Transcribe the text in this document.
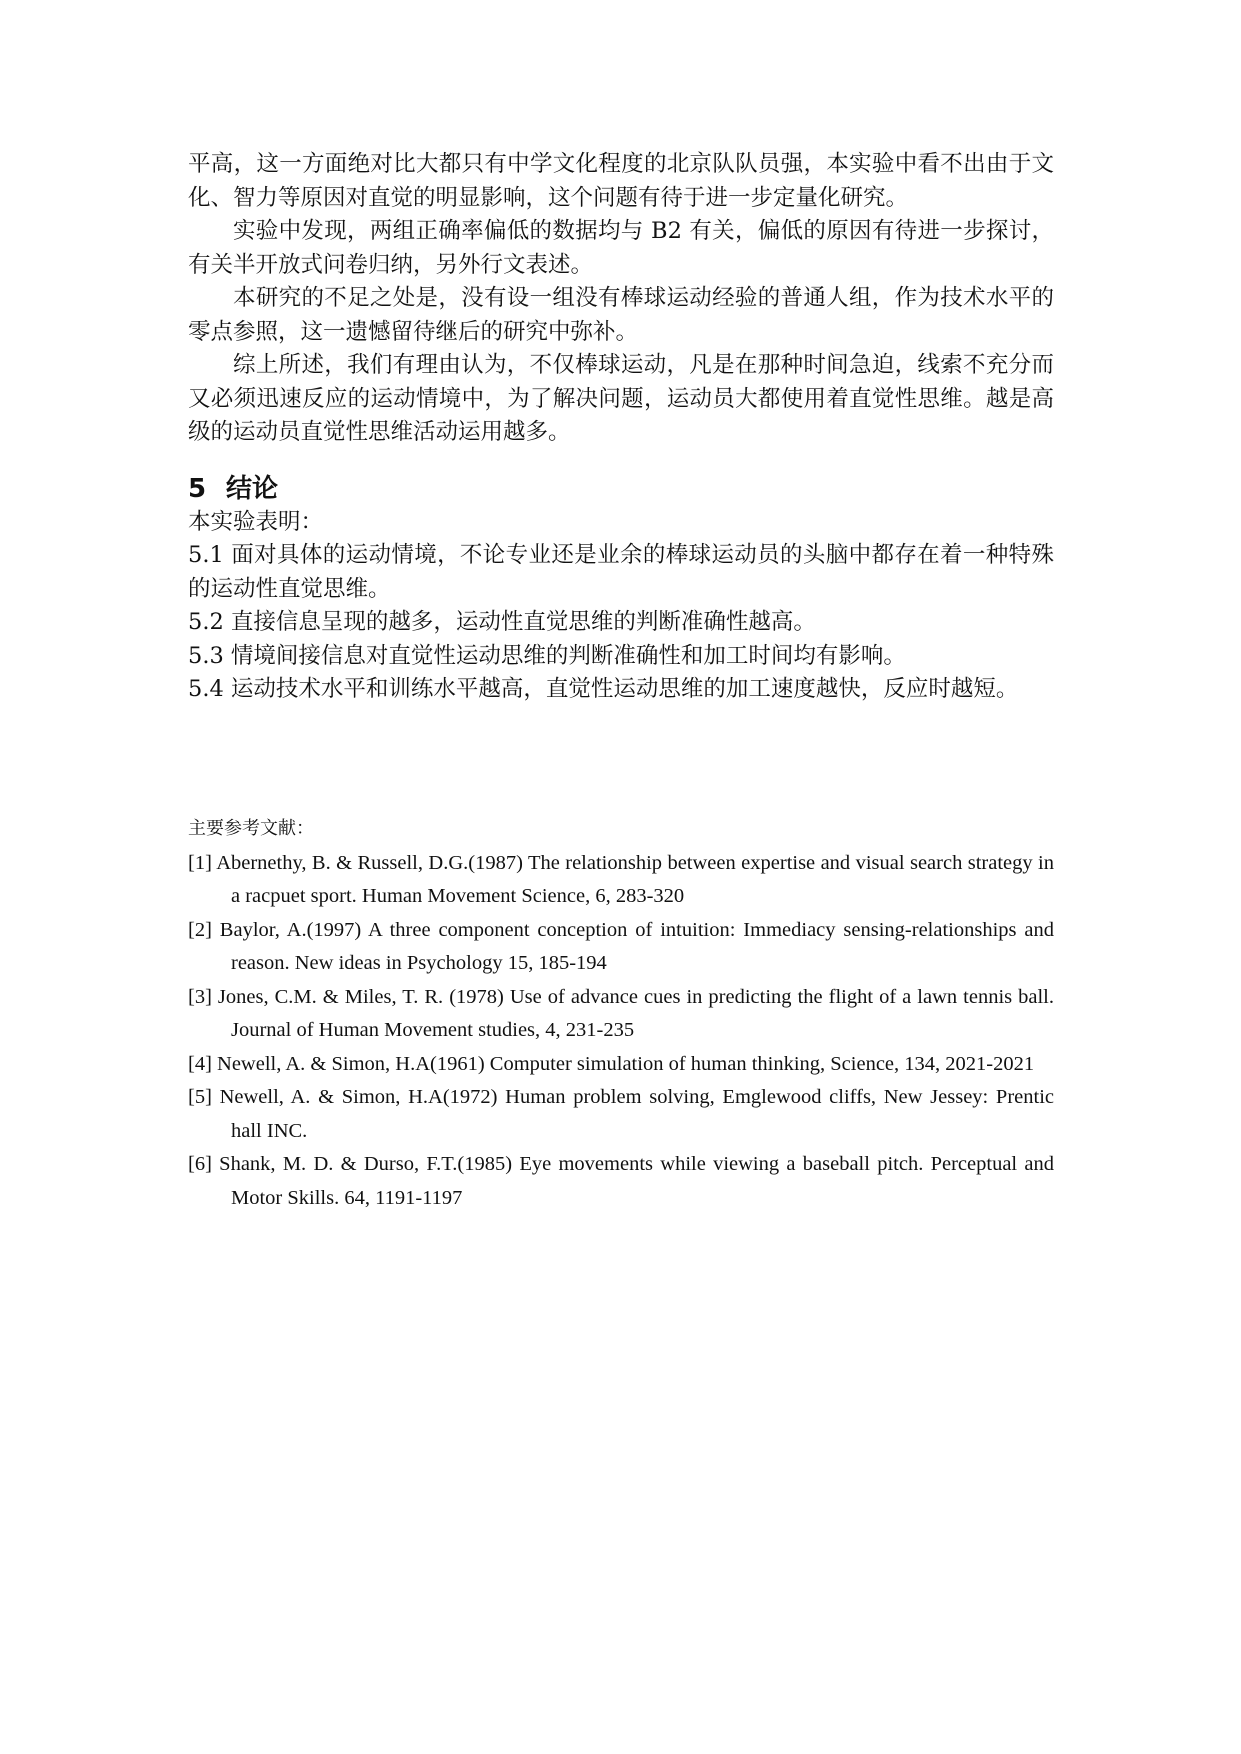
平高，这一方面绝对比大都只有中学文化程度的北京队队员强，本实验中看不出由于文化、智力等原因对直觉的明显影响，这个问题有待于进一步定量化研究。

实验中发现，两组正确率偏低的数据均与 B2 有关，偏低的原因有待进一步探讨，有关半开放式问卷归纳，另外行文表述。

本研究的不足之处是，没有设一组没有棒球运动经验的普通人组，作为技术水平的零点参照，这一遗憾留待继后的研究中弥补。

综上所述，我们有理由认为，不仅棒球运动，凡是在那种时间急迫，线索不充分而又必须迅速反应的运动情境中，为了解决问题，运动员大都使用着直觉性思维。越是高级的运动员直觉性思维活动运用越多。

5 结论

本实验表明：

5.1 面对具体的运动情境，不论专业还是业余的棒球运动员的头脑中都存在着一种特殊的运动性直觉思维。

5.2 直接信息呈现的越多，运动性直觉思维的判断准确性越高。

5.3 情境间接信息对直觉性运动思维的判断准确性和加工时间均有影响。

5.4 运动技术水平和训练水平越高，直觉性运动思维的加工速度越快，反应时越短。

主要参考文献：

[1] Abernethy, B. & Russell, D.G.(1987) The relationship between expertise and visual search strategy in a racpuet sport. Human Movement Science, 6, 283-320

[2] Baylor, A.(1997) A three component conception of intuition: Immediacy sensing-relationships and reason. New ideas in Psychology 15, 185-194

[3] Jones, C.M. & Miles, T. R. (1978) Use of advance cues in predicting the flight of a lawn tennis ball. Journal of Human Movement studies, 4, 231-235

[4] Newell, A. & Simon, H.A(1961) Computer simulation of human thinking, Science, 134, 2021-2021

[5] Newell, A. & Simon, H.A(1972) Human problem solving, Emglewood cliffs, New Jessey: Prentic hall INC.

[6] Shank, M. D. & Durso, F.T.(1985) Eye movements while viewing a baseball pitch. Perceptual and Motor Skills. 64, 1191-1197
